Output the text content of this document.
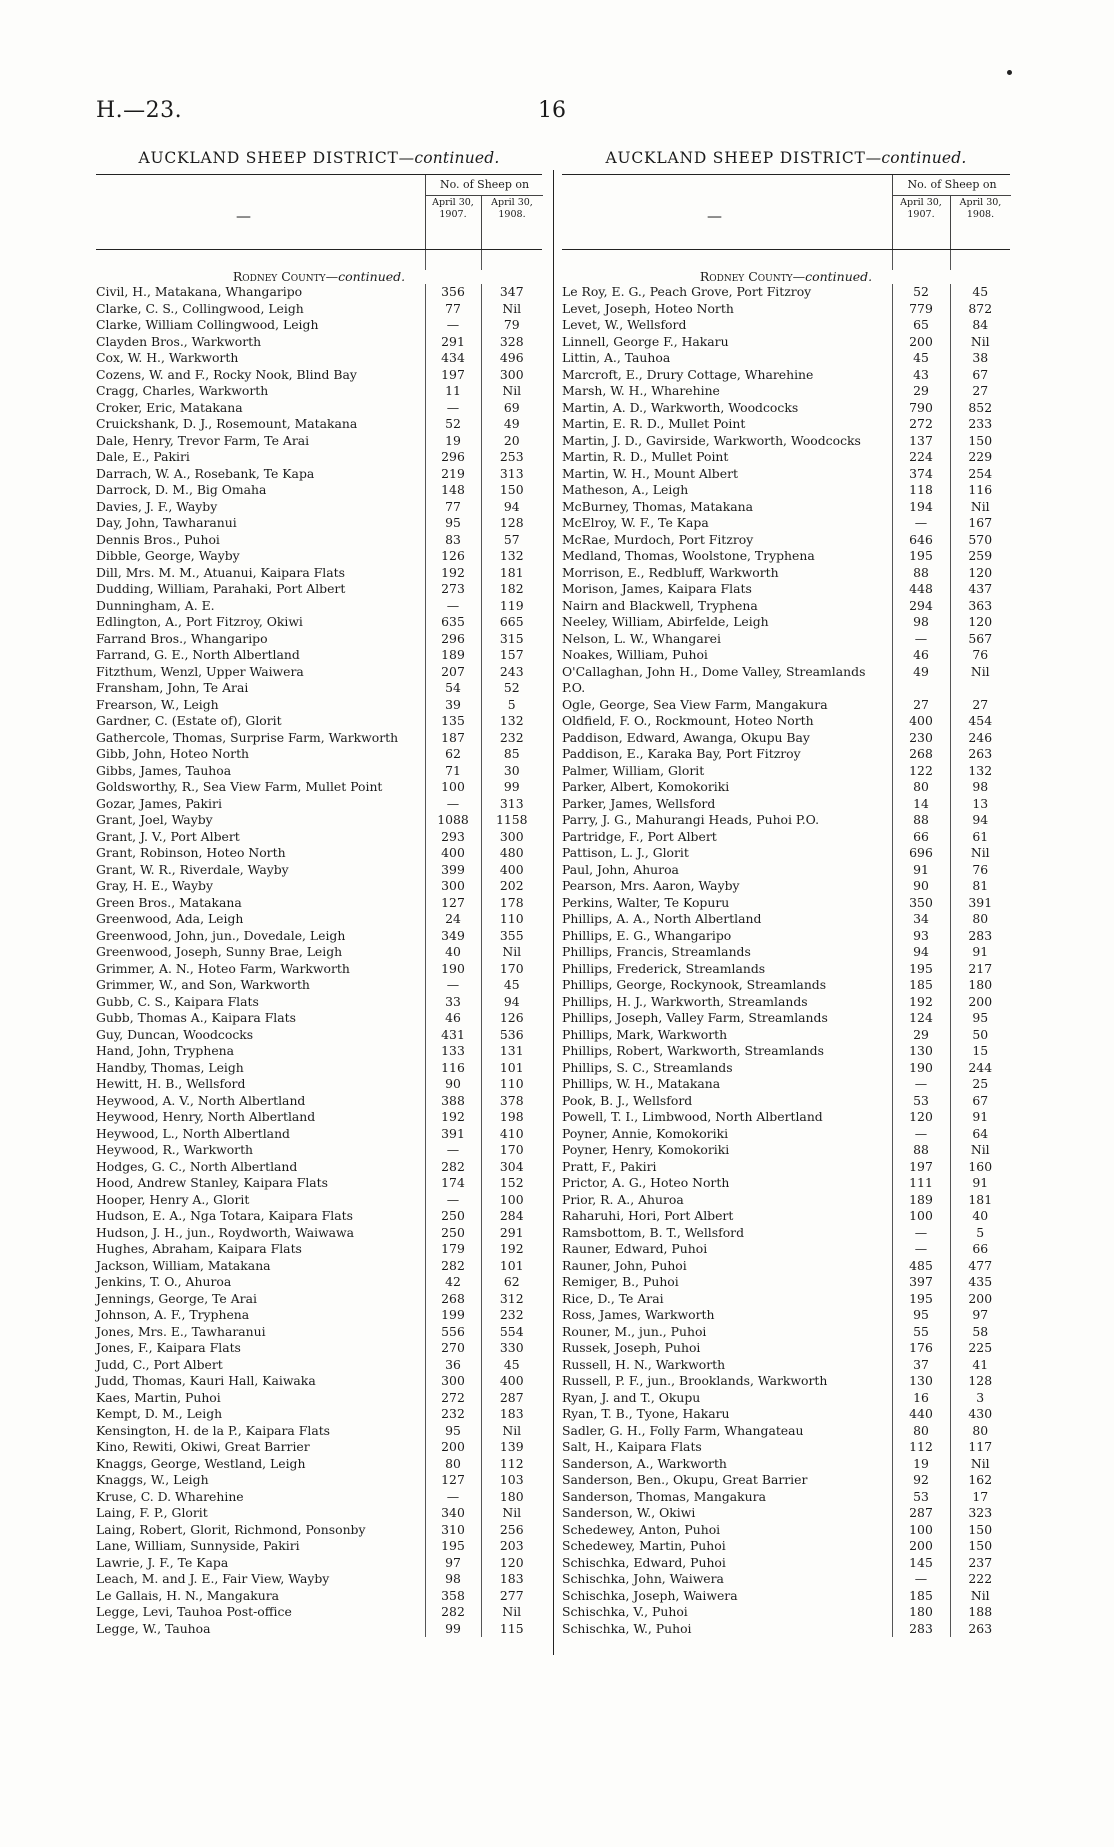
H.—23.	16
AUCKLAND SHEEP DISTRICT—continued.
—
No. of Sheep on
April 30,
1907.
April 30,
1908.
Rodney County—continued.
Civil, H., Matakana, Whangaripo	356	347
Clarke, C. S., Collingwood, Leigh	77	Nil
Clarke, William Collingwood, Leigh	—	79
Clayden Bros., Warkworth	291	328
Cox, W. H., Warkworth	434	496
Cozens, W. and F., Rocky Nook, Blind Bay	197	300
Cragg, Charles, Warkworth	11	Nil
Croker, Eric, Matakana	—	69
Cruickshank, D. J., Rosemount, Matakana	52	49
Dale, Henry, Trevor Farm, Te Arai	19	20
Dale, E., Pakiri	296	253
Darrach, W. A., Rosebank, Te Kapa	219	313
Darrock, D. M., Big Omaha	148	150
Davies, J. F., Wayby	77	94
Day, John, Tawharanui	95	128
Dennis Bros., Puhoi	83	57
Dibble, George, Wayby	126	132
Dill, Mrs. M. M., Atuanui, Kaipara Flats	192	181
Dudding, William, Parahaki, Port Albert	273	182
Dunningham, A. E.	—	119
Edlington, A., Port Fitzroy, Okiwi	635	665
Farrand Bros., Whangaripo	296	315
Farrand, G. E., North Albertland	189	157
Fitzthum, Wenzl, Upper Waiwera	207	243
Fransham, John, Te Arai	54	52
Frearson, W., Leigh	39	5
Gardner, C. (Estate of), Glorit	135	132
Gathercole, Thomas, Surprise Farm, Warkworth	187	232
Gibb, John, Hoteo North	62	85
Gibbs, James, Tauhoa	71	30
Goldsworthy, R., Sea View Farm, Mullet Point	100	99
Gozar, James, Pakiri	—	313
Grant, Joel, Wayby	1088	1158
Grant, J. V., Port Albert	293	300
Grant, Robinson, Hoteo North	400	480
Grant, W. R., Riverdale, Wayby	399	400
Gray, H. E., Wayby	300	202
Green Bros., Matakana	127	178
Greenwood, Ada, Leigh	24	110
Greenwood, John, jun., Dovedale, Leigh	349	355
Greenwood, Joseph, Sunny Brae, Leigh	40	Nil
Grimmer, A. N., Hoteo Farm, Warkworth	190	170
Grimmer, W., and Son, Warkworth	—	45
Gubb, C. S., Kaipara Flats	33	94
Gubb, Thomas A., Kaipara Flats	46	126
Guy, Duncan, Woodcocks	431	536
Hand, John, Tryphena	133	131
Handby, Thomas, Leigh	116	101
Hewitt, H. B., Wellsford	90	110
Heywood, A. V., North Albertland	388	378
Heywood, Henry, North Albertland	192	198
Heywood, L., North Albertland	391	410
Heywood, R., Warkworth	—	170
Hodges, G. C., North Albertland	282	304
Hood, Andrew Stanley, Kaipara Flats	174	152
Hooper, Henry A., Glorit	—	100
Hudson, E. A., Nga Totara, Kaipara Flats	250	284
Hudson, J. H., jun., Roydworth, Waiwawa	250	291
Hughes, Abraham, Kaipara Flats	179	192
Jackson, William, Matakana	282	101
Jenkins, T. O., Ahuroa	42	62
Jennings, George, Te Arai	268	312
Johnson, A. F., Tryphena	199	232
Jones, Mrs. E., Tawharanui	556	554
Jones, F., Kaipara Flats	270	330
Judd, C., Port Albert	36	45
Judd, Thomas, Kauri Hall, Kaiwaka	300	400
Kaes, Martin, Puhoi	272	287
Kempt, D. M., Leigh	232	183
Kensington, H. de la P., Kaipara Flats	95	Nil
Kino, Rewiti, Okiwi, Great Barrier	200	139
Knaggs, George, Westland, Leigh	80	112
Knaggs, W., Leigh	127	103
Kruse, C. D. Wharehine	—	180
Laing, F. P., Glorit	340	Nil
Laing, Robert, Glorit, Richmond, Ponsonby	310	256
Lane, William, Sunnyside, Pakiri	195	203
Lawrie, J. F., Te Kapa	97	120
Leach, M. and J. E., Fair View, Wayby	98	183
Le Gallais, H. N., Mangakura	358	277
Legge, Levi, Tauhoa Post-office	282	Nil
Legge, W., Tauhoa	99	115
AUCKLAND SHEEP DISTRICT—continued.
—
No. of Sheep on
April 30,
1907.
April 30,
1908.
Rodney County—continued.
Le Roy, E. G., Peach Grove, Port Fitzroy	52	45
Levet, Joseph, Hoteo North	779	872
Levet, W., Wellsford	65	84
Linnell, George F., Hakaru	200	Nil
Littin, A., Tauhoa	45	38
Marcroft, E., Drury Cottage, Wharehine	43	67
Marsh, W. H., Wharehine	29	27
Martin, A. D., Warkworth, Woodcocks	790	852
Martin, E. R. D., Mullet Point	272	233
Martin, J. D., Gavirside, Warkworth, Woodcocks	137	150
Martin, R. D., Mullet Point	224	229
Martin, W. H., Mount Albert	374	254
Matheson, A., Leigh	118	116
McBurney, Thomas, Matakana	194	Nil
McElroy, W. F., Te Kapa	—	167
McRae, Murdoch, Port Fitzroy	646	570
Medland, Thomas, Woolstone, Tryphena	195	259
Morrison, E., Redbluff, Warkworth	88	120
Morison, James, Kaipara Flats	448	437
Nairn and Blackwell, Tryphena	294	363
Neeley, William, Abirfelde, Leigh	98	120
Nelson, L. W., Whangarei	—	567
Noakes, William, Puhoi	46	76
O'Callaghan, John H., Dome Valley, Streamlands P.O.	49	Nil
Ogle, George, Sea View Farm, Mangakura	27	27
Oldfield, F. O., Rockmount, Hoteo North	400	454
Paddison, Edward, Awanga, Okupu Bay	230	246
Paddison, E., Karaka Bay, Port Fitzroy	268	263
Palmer, William, Glorit	122	132
Parker, Albert, Komokoriki	80	98
Parker, James, Wellsford	14	13
Parry, J. G., Mahurangi Heads, Puhoi P.O.	88	94
Partridge, F., Port Albert	66	61
Pattison, L. J., Glorit	696	Nil
Paul, John, Ahuroa	91	76
Pearson, Mrs. Aaron, Wayby	90	81
Perkins, Walter, Te Kopuru	350	391
Phillips, A. A., North Albertland	34	80
Phillips, E. G., Whangaripo	93	283
Phillips, Francis, Streamlands	94	91
Phillips, Frederick, Streamlands	195	217
Phillips, George, Rockynook, Streamlands	185	180
Phillips, H. J., Warkworth, Streamlands	192	200
Phillips, Joseph, Valley Farm, Streamlands	124	95
Phillips, Mark, Warkworth	29	50
Phillips, Robert, Warkworth, Streamlands	130	15
Phillips, S. C., Streamlands	190	244
Phillips, W. H., Matakana	—	25
Pook, B. J., Wellsford	53	67
Powell, T. I., Limbwood, North Albertland	120	91
Poyner, Annie, Komokoriki	—	64
Poyner, Henry, Komokoriki	88	Nil
Pratt, F., Pakiri	197	160
Prictor, A. G., Hoteo North	111	91
Prior, R. A., Ahuroa	189	181
Raharuhi, Hori, Port Albert	100	40
Ramsbottom, B. T., Wellsford	—	5
Rauner, Edward, Puhoi	—	66
Rauner, John, Puhoi	485	477
Remiger, B., Puhoi	397	435
Rice, D., Te Arai	195	200
Ross, James, Warkworth	95	97
Rouner, M., jun., Puhoi	55	58
Russek, Joseph, Puhoi	176	225
Russell, H. N., Warkworth	37	41
Russell, P. F., jun., Brooklands, Warkworth	130	128
Ryan, J. and T., Okupu	16	3
Ryan, T. B., Tyone, Hakaru	440	430
Sadler, G. H., Folly Farm, Whangateau	80	80
Salt, H., Kaipara Flats	112	117
Sanderson, A., Warkworth	19	Nil
Sanderson, Ben., Okupu, Great Barrier	92	162
Sanderson, Thomas, Mangakura	53	17
Sanderson, W., Okiwi	287	323
Schedewey, Anton, Puhoi	100	150
Schedewey, Martin, Puhoi	200	150
Schischka, Edward, Puhoi	145	237
Schischka, John, Waiwera	—	222
Schischka, Joseph, Waiwera	185	Nil
Schischka, V., Puhoi	180	188
Schischka, W., Puhoi	283	263
